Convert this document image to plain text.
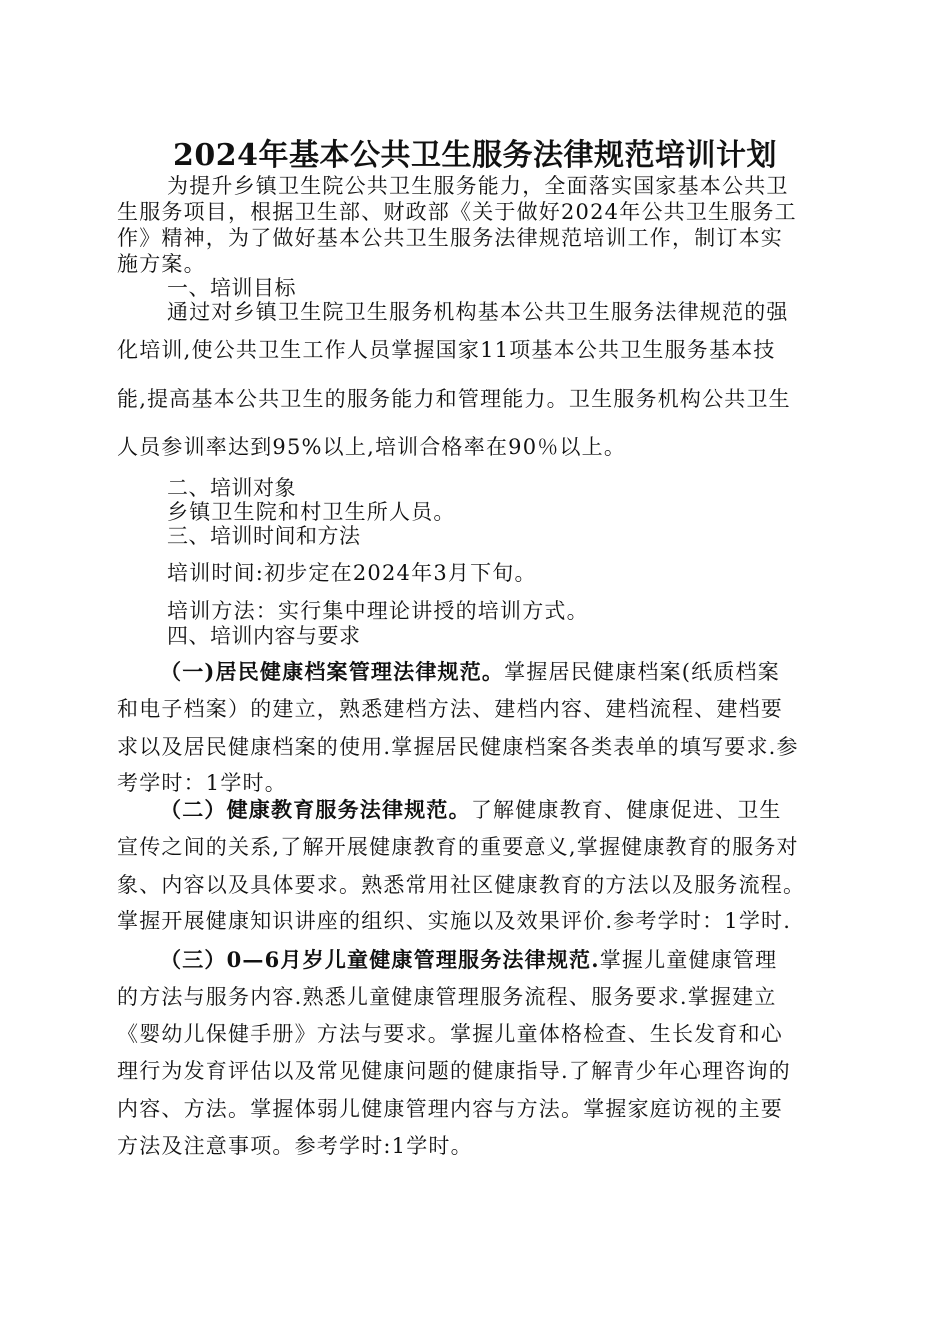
2024年基本公共卫生服务法律规范培训计划
为提升乡镇卫生院公共卫生服务能力，全面落实国家基本公共卫
生服务项目，根据卫生部、财政部《关于做好2024年公共卫生服务工
作》精神，为了做好基本公共卫生服务法律规范培训工作，制订本实
施方案。
一、培训目标
通过对乡镇卫生院卫生服务机构基本公共卫生服务法律规范的强
化培训,使公共卫生工作人员掌握国家11项基本公共卫生服务基本技
能,提高基本公共卫生的服务能力和管理能力。卫生服务机构公共卫生
人员参训率达到95%以上,培训合格率在90％以上。
二、培训对象
乡镇卫生院和村卫生所人员。
三、培训时间和方法
培训时间:初步定在2024年3月下旬。
培训方法：实行集中理论讲授的培训方式。
四、培训内容与要求
（一)居民健康档案管理法律规范。掌握居民健康档案(纸质档案
和电子档案）的建立，熟悉建档方法、建档内容、建档流程、建档要
求以及居民健康档案的使用.掌握居民健康档案各类表单的填写要求.参
考学时：1学时。
（二）健康教育服务法律规范。了解健康教育、健康促进、卫生
宣传之间的关系,了解开展健康教育的重要意义,掌握健康教育的服务对
象、内容以及具体要求。熟悉常用社区健康教育的方法以及服务流程。
掌握开展健康知识讲座的组织、实施以及效果评价.参考学时：1学时.
（三）0—6月岁儿童健康管理服务法律规范.掌握儿童健康管理
的方法与服务内容.熟悉儿童健康管理服务流程、服务要求.掌握建立
《婴幼儿保健手册》方法与要求。掌握儿童体格检查、生长发育和心
理行为发育评估以及常见健康问题的健康指导.了解青少年心理咨询的
内容、方法。掌握体弱儿健康管理内容与方法。掌握家庭访视的主要
方法及注意事项。参考学时:1学时。
